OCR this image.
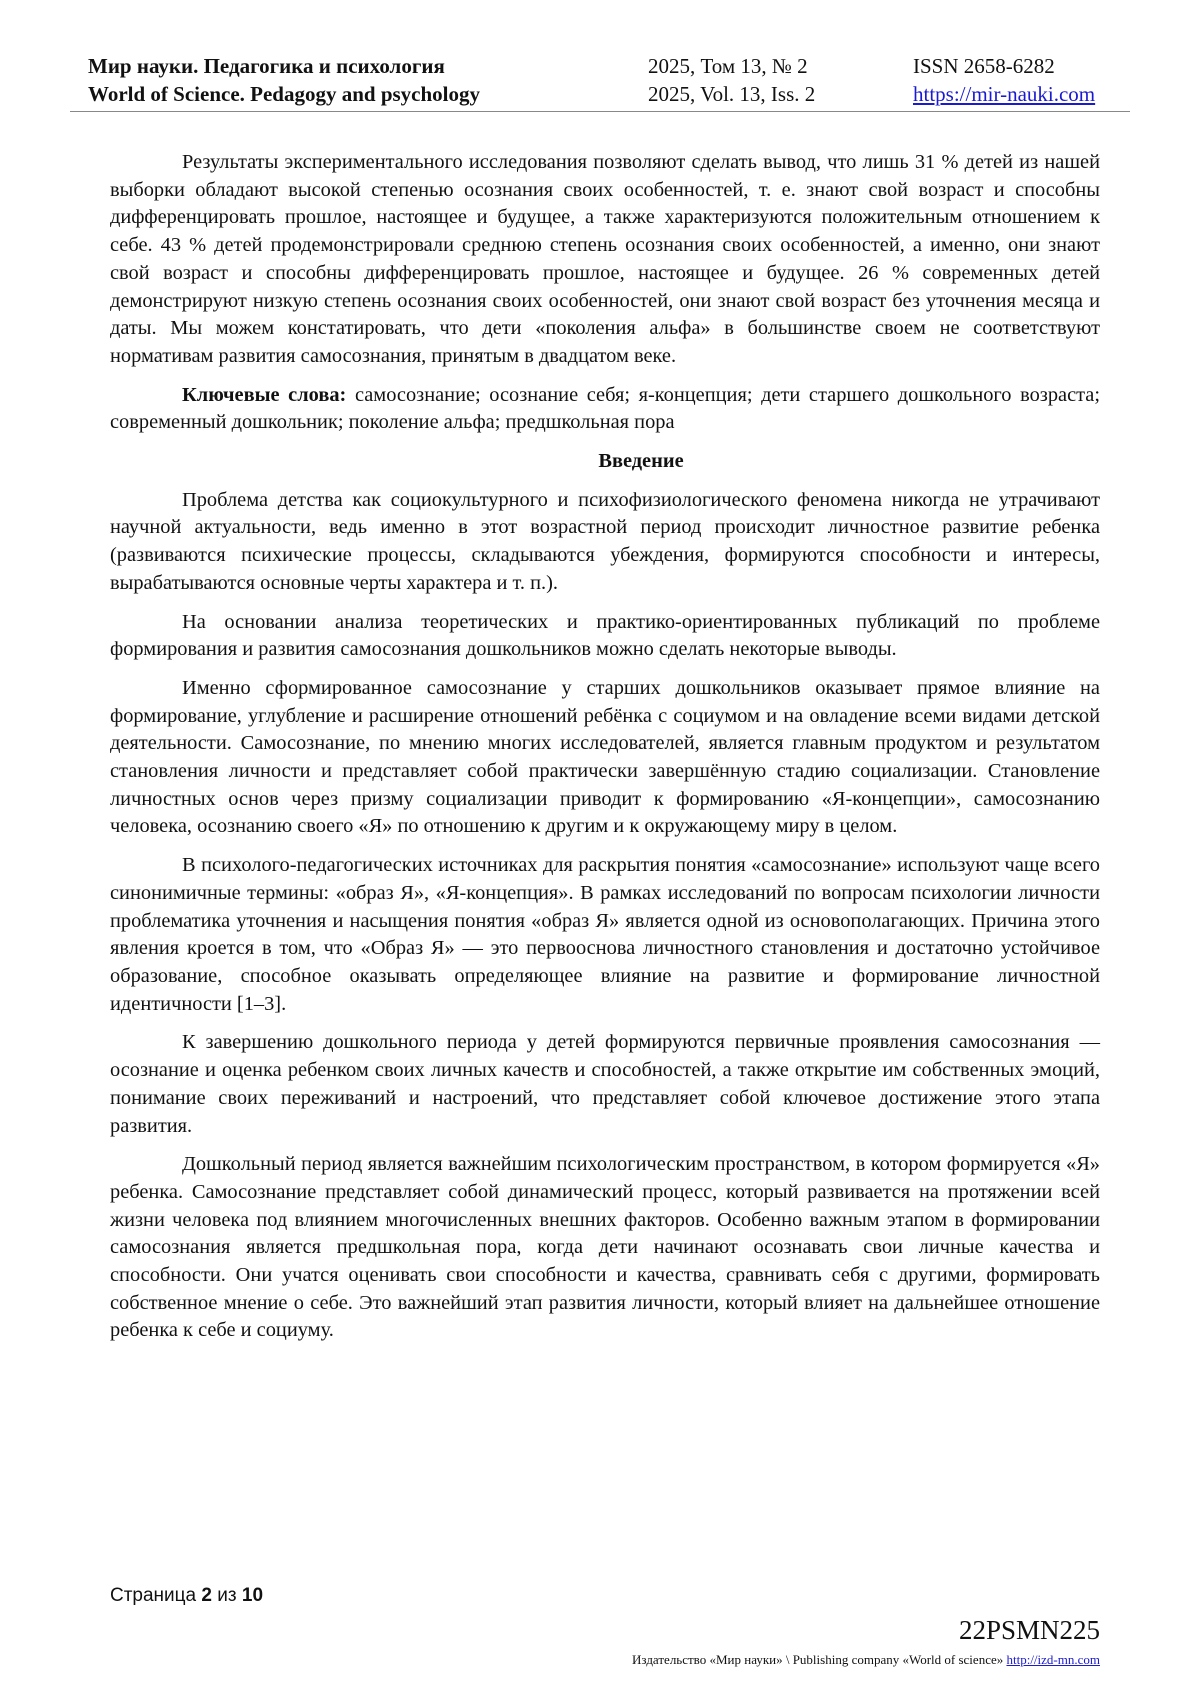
Мир науки. Педагогика и психология
World of Science. Pedagogy and psychology
2025, Том 13, № 2
2025, Vol. 13, Iss. 2
ISSN 2658-6282
https://mir-nauki.com

Результаты экспериментального исследования позволяют сделать вывод, что лишь 31 % детей из нашей выборки обладают высокой степенью осознания своих особенностей, т. е. знают свой возраст и способны дифференцировать прошлое, настоящее и будущее, а также характеризуются положительным отношением к себе. 43 % детей продемонстрировали среднюю степень осознания своих особенностей, а именно, они знают свой возраст и способны дифференцировать прошлое, настоящее и будущее. 26 % современных детей демонстрируют низкую степень осознания своих особенностей, они знают свой возраст без уточнения месяца и даты. Мы можем констатировать, что дети «поколения альфа» в большинстве своем не соответствуют нормативам развития самосознания, принятым в двадцатом веке.

Ключевые слова: самосознание; осознание себя; я-концепция; дети старшего дошкольного возраста; современный дошкольник; поколение альфа; предшкольная пора

Введение

Проблема детства как социокультурного и психофизиологического феномена никогда не утрачивают научной актуальности, ведь именно в этот возрастной период происходит личностное развитие ребенка (развиваются психические процессы, складываются убеждения, формируются способности и интересы, вырабатываются основные черты характера и т. п.).

На основании анализа теоретических и практико-ориентированных публикаций по проблеме формирования и развития самосознания дошкольников можно сделать некоторые выводы.

Именно сформированное самосознание у старших дошкольников оказывает прямое влияние на формирование, углубление и расширение отношений ребёнка с социумом и на овладение всеми видами детской деятельности. Самосознание, по мнению многих исследователей, является главным продуктом и результатом становления личности и представляет собой практически завершённую стадию социализации. Становление личностных основ через призму социализации приводит к формированию «Я-концепции», самосознанию человека, осознанию своего «Я» по отношению к другим и к окружающему миру в целом.

В психолого-педагогических источниках для раскрытия понятия «самосознание» используют чаще всего синонимичные термины: «образ Я», «Я-концепция». В рамках исследований по вопросам психологии личности проблематика уточнения и насыщения понятия «образ Я» является одной из основополагающих. Причина этого явления кроется в том, что «Образ Я» — это первооснова личностного становления и достаточно устойчивое образование, способное оказывать определяющее влияние на развитие и формирование личностной идентичности [1–3].

К завершению дошкольного периода у детей формируются первичные проявления самосознания — осознание и оценка ребенком своих личных качеств и способностей, а также открытие им собственных эмоций, понимание своих переживаний и настроений, что представляет собой ключевое достижение этого этапа развития.

Дошкольный период является важнейшим психологическим пространством, в котором формируется «Я» ребенка. Самосознание представляет собой динамический процесс, который развивается на протяжении всей жизни человека под влиянием многочисленных внешних факторов. Особенно важным этапом в формировании самосознания является предшкольная пора, когда дети начинают осознавать свои личные качества и способности. Они учатся оценивать свои способности и качества, сравнивать себя с другими, формировать собственное мнение о себе. Это важнейший этап развития личности, который влияет на дальнейшее отношение ребенка к себе и социуму.

Страница 2 из 10
22PSMN225
Издательство «Мир науки» \ Publishing company «World of science» http://izd-mn.com
